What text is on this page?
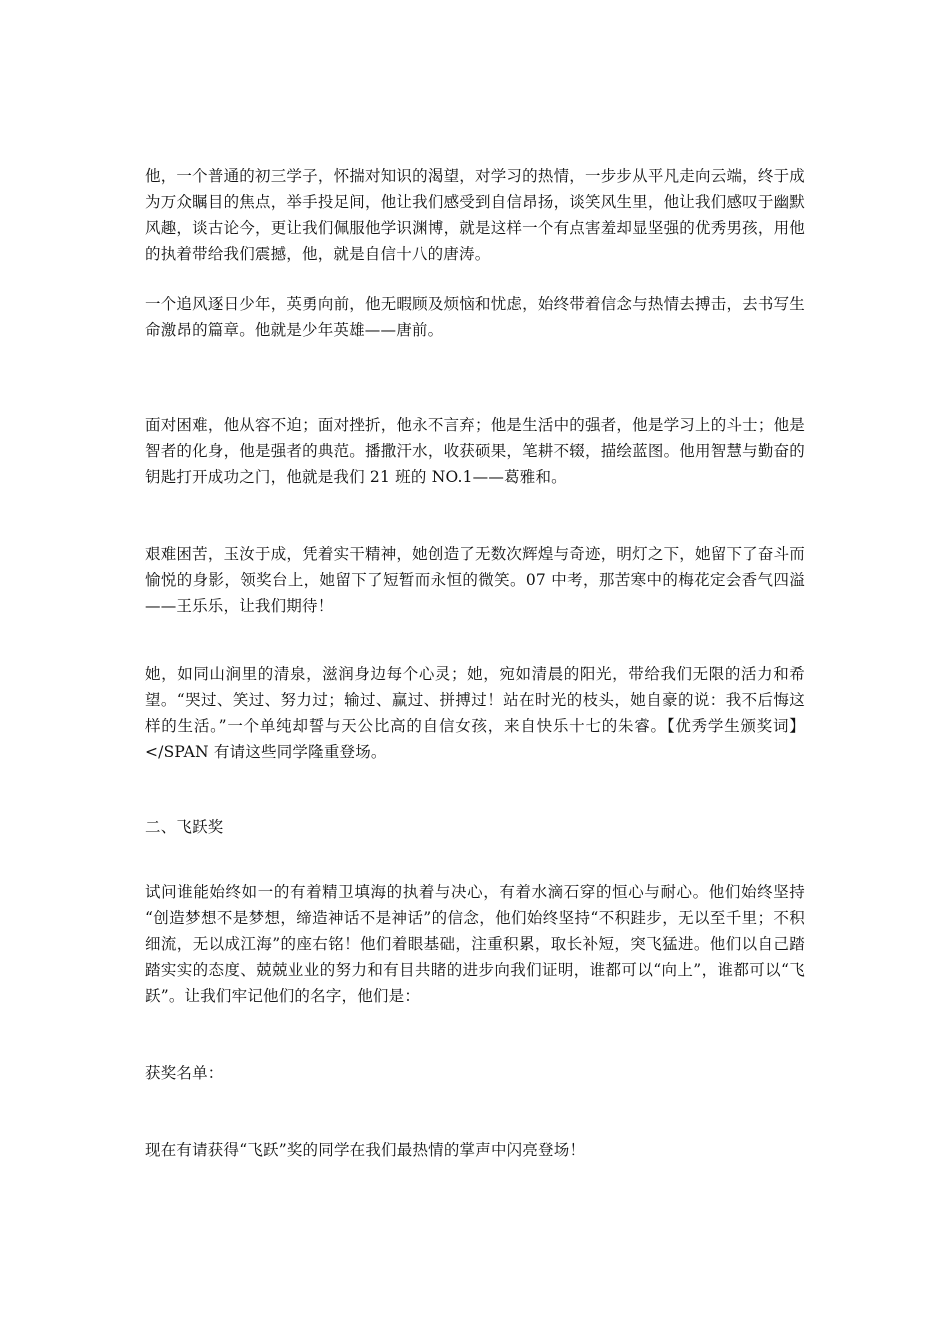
他，一个普通的初三学子，怀揣对知识的渴望，对学习的热情，一步步从平凡走向云端，终于成为万众瞩目的焦点，举手投足间，他让我们感受到自信昂扬，谈笑风生里，他让我们感叹于幽默风趣，谈古论今，更让我们佩服他学识渊博，就是这样一个有点害羞却显坚强的优秀男孩，用他的执着带给我们震撼，他，就是自信十八的唐涛。

一个追风逐日少年，英勇向前，他无暇顾及烦恼和忧虑，始终带着信念与热情去搏击，去书写生命激昂的篇章。他就是少年英雄——唐前。

面对困难，他从容不迫；面对挫折，他永不言弃；他是生活中的强者，他是学习上的斗士；他是智者的化身，他是强者的典范。播撒汗水，收获硕果，笔耕不辍，描绘蓝图。他用智慧与勤奋的钥匙打开成功之门，他就是我们 21 班的 NO.1——葛雅和。

艰难困苦，玉汝于成，凭着实干精神，她创造了无数次辉煌与奇迹，明灯之下，她留下了奋斗而愉悦的身影，领奖台上，她留下了短暂而永恒的微笑。07 中考，那苦寒中的梅花定会香气四溢——王乐乐，让我们期待！

她，如同山涧里的清泉，滋润身边每个心灵；她，宛如清晨的阳光，带给我们无限的活力和希望。“哭过、笑过、努力过；输过、赢过、拼搏过！站在时光的枝头，她自豪的说：我不后悔这样的生活。”一个单纯却誓与天公比高的自信女孩，来自快乐十七的朱睿。【优秀学生颁奖词】</SPAN 有请这些同学隆重登场。

二、飞跃奖

试问谁能始终如一的有着精卫填海的执着与决心，有着水滴石穿的恒心与耐心。他们始终坚持 “创造梦想不是梦想，缔造神话不是神话”的信念，他们始终坚持“不积跬步，无以至千里；不积细流，无以成江海”的座右铭！他们着眼基础，注重积累，取长补短，突飞猛进。他们以自己踏踏实实的态度、兢兢业业的努力和有目共睹的进步向我们证明，谁都可以“向上”，谁都可以“飞跃”。让我们牢记他们的名字，他们是：

获奖名单：

现在有请获得“飞跃”奖的同学在我们最热情的掌声中闪亮登场！
